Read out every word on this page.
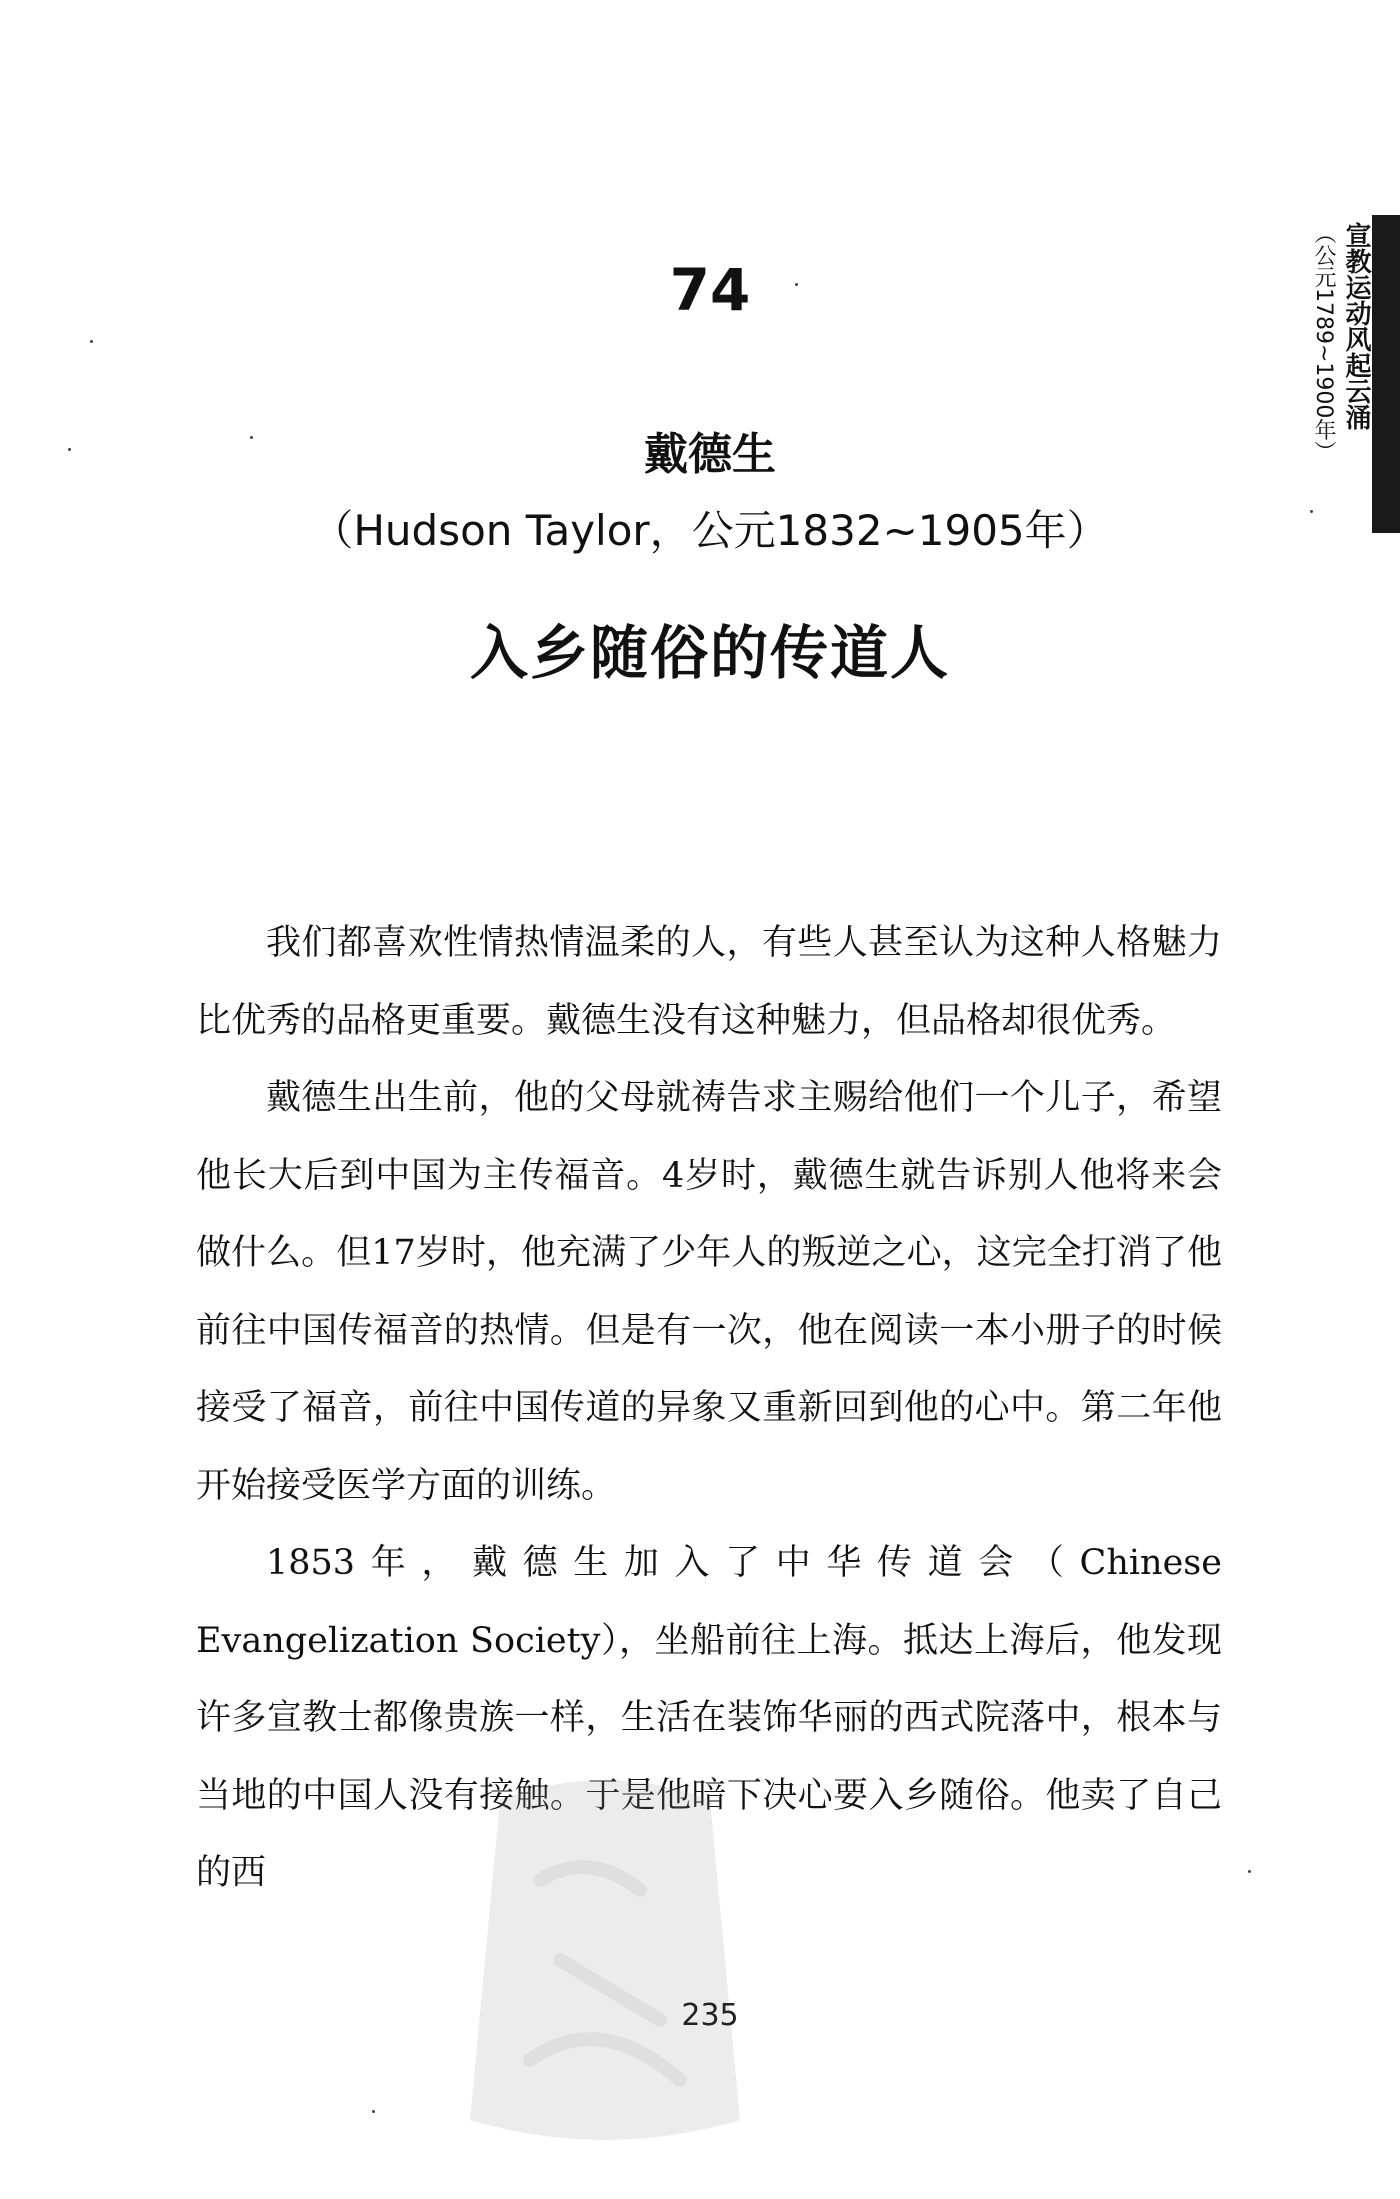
宣教运动风起云涌
（公元1789~1900年）
74
戴德生
（Hudson Taylor，公元1832~1905年）
入乡随俗的传道人

我们都喜欢性情热情温柔的人，有些人甚至认为这种人格魅力比优秀的品格更重要。戴德生没有这种魅力，但品格却很优秀。

戴德生出生前，他的父母就祷告求主赐给他们一个儿子，希望他长大后到中国为主传福音。4岁时，戴德生就告诉别人他将来会做什么。但17岁时，他充满了少年人的叛逆之心，这完全打消了他前往中国传福音的热情。但是有一次，他在阅读一本小册子的时候接受了福音，前往中国传道的异象又重新回到他的心中。第二年他开始接受医学方面的训练。

1853年，戴德生加入了中华传道会（Chinese Evangelization Society），坐船前往上海。抵达上海后，他发现许多宣教士都像贵族一样，生活在装饰华丽的西式院落中，根本与当地的中国人没有接触。于是他暗下决心要入乡随俗。他卖了自己的西

235
